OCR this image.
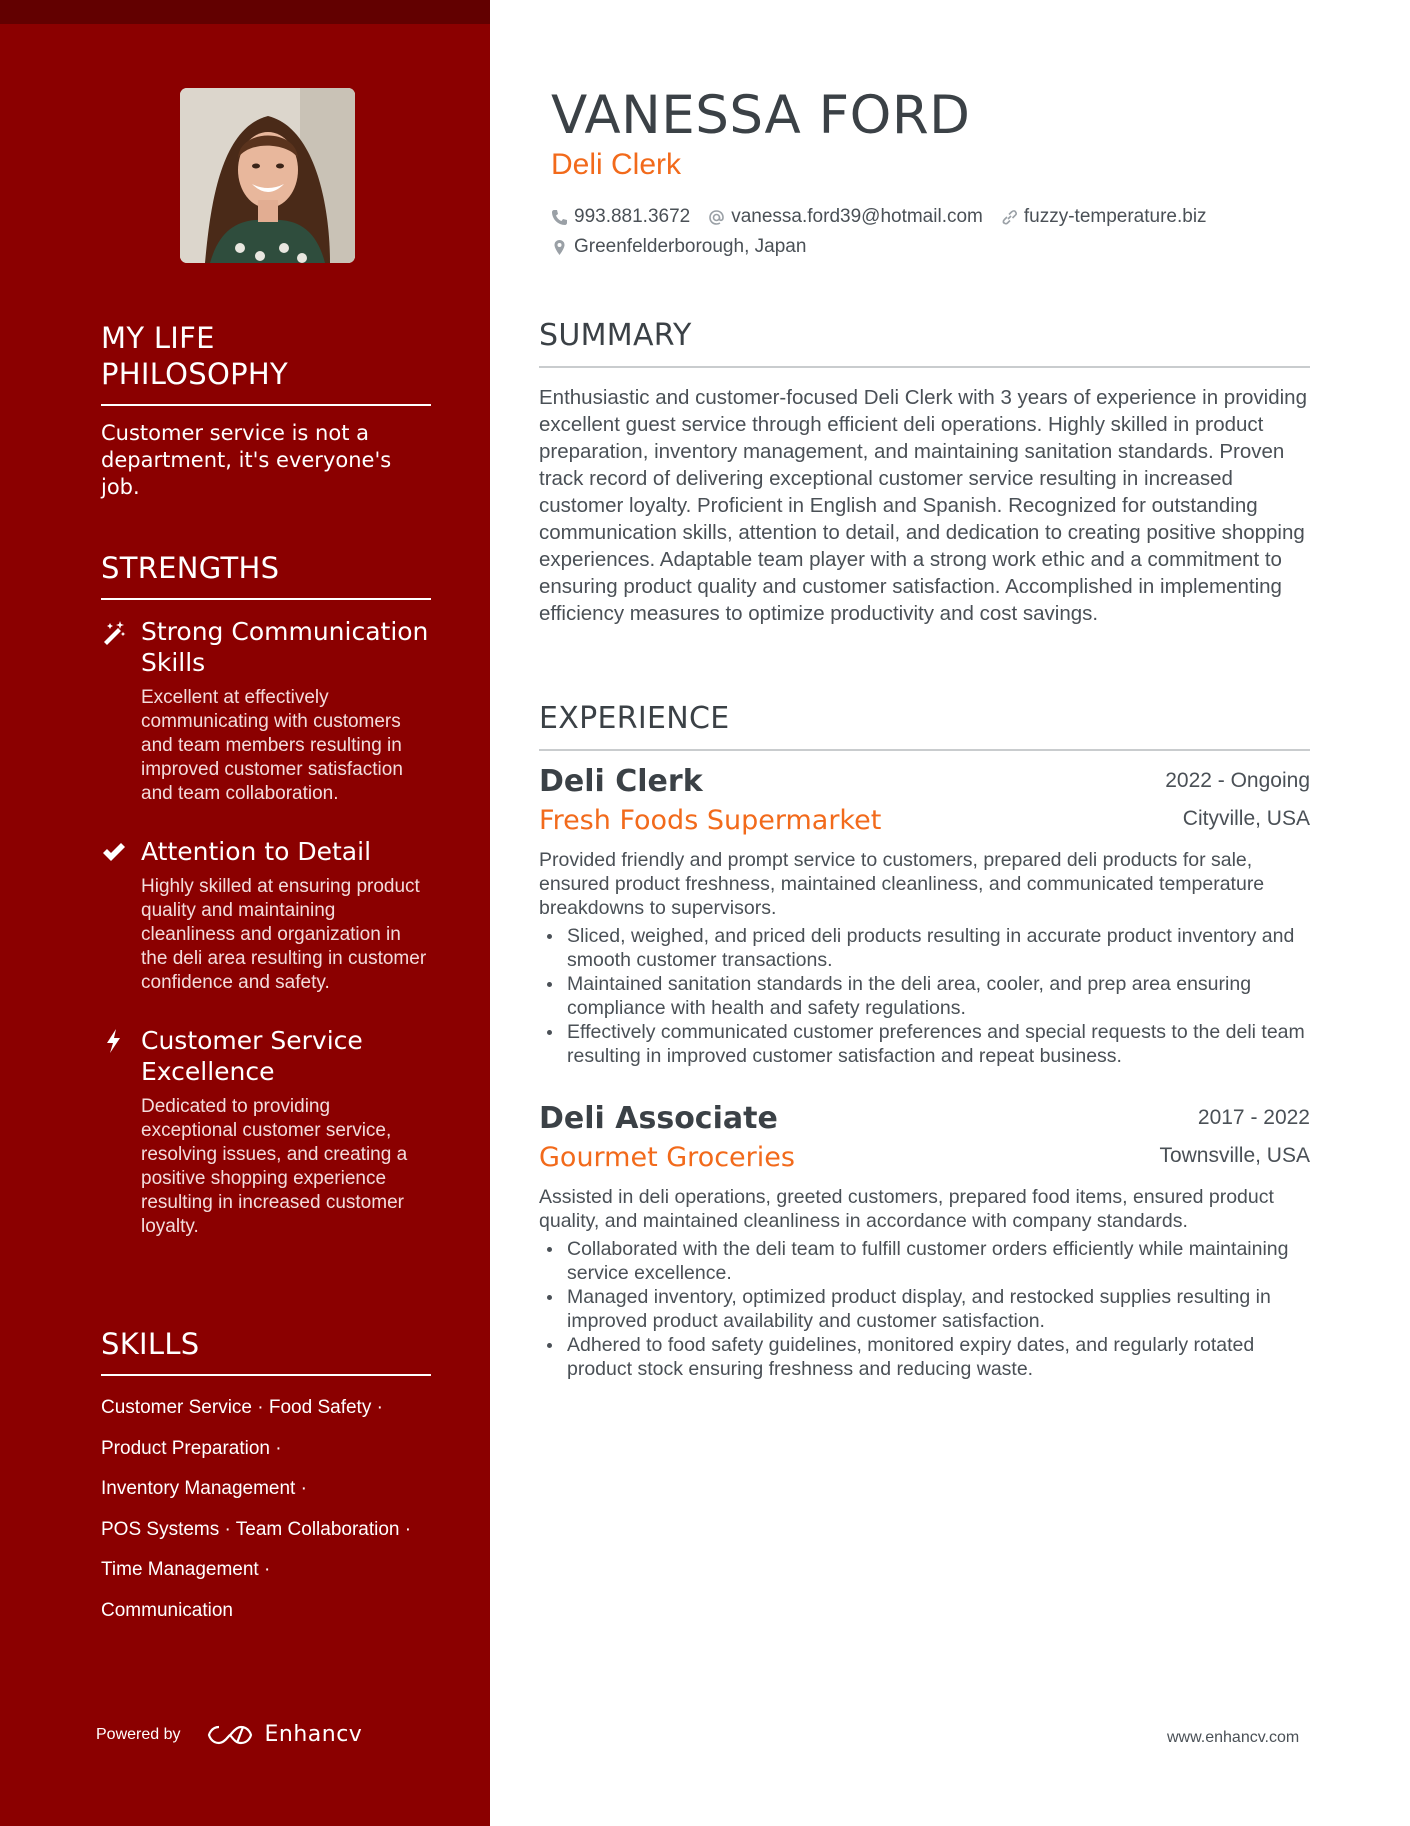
MY LIFE
PHILOSOPHY

Customer service is not a department, it's everyone's job.

STRENGTHS
Strong Communication Skills
Excellent at effectively communicating with customers and team members resulting in improved customer satisfaction and team collaboration.
Attention to Detail
Highly skilled at ensuring product quality and maintaining cleanliness and organization in the deli area resulting in customer confidence and safety.
Customer Service Excellence
Dedicated to providing exceptional customer service, resolving issues, and creating a positive shopping experience resulting in increased customer loyalty.
SKILLS
Customer Service · Food Safety ·
Product Preparation ·
Inventory Management ·
POS Systems · Team Collaboration ·
Time Management ·
Communication
Powered by	Enhancv
VANESSA FORD
Deli Clerk
993.881.3672 vanessa.ford39@hotmail.com fuzzy-temperature.biz
Greenfelderborough, Japan
SUMMARY

Enthusiastic and customer-focused Deli Clerk with 3 years of experience in providing excellent guest service through efficient deli operations. Highly skilled in product preparation, inventory management, and maintaining sanitation standards. Proven track record of delivering exceptional customer service resulting in increased customer loyalty. Proficient in English and Spanish. Recognized for outstanding communication skills, attention to detail, and dedication to creating positive shopping experiences. Adaptable team player with a strong work ethic and a commitment to ensuring product quality and customer satisfaction. Accomplished in implementing efficiency measures to optimize productivity and cost savings.

EXPERIENCE
Deli Clerk	2022 - Ongoing
Fresh Foods Supermarket	Cityville, USA

Provided friendly and prompt service to customers, prepared deli products for sale, ensured product freshness, maintained cleanliness, and communicated temperature breakdowns to supervisors.

Sliced, weighed, and priced deli products resulting in accurate product inventory and smooth customer transactions.
Maintained sanitation standards in the deli area, cooler, and prep area ensuring compliance with health and safety regulations.
Effectively communicated customer preferences and special requests to the deli team resulting in improved customer satisfaction and repeat business.
Deli Associate	2017 - 2022
Gourmet Groceries	Townsville, USA

Assisted in deli operations, greeted customers, prepared food items, ensured product quality, and maintained cleanliness in accordance with company standards.

Collaborated with the deli team to fulfill customer orders efficiently while maintaining service excellence.
Managed inventory, optimized product display, and restocked supplies resulting in improved product availability and customer satisfaction.
Adhered to food safety guidelines, monitored expiry dates, and regularly rotated product stock ensuring freshness and reducing waste.
www.enhancv.com
